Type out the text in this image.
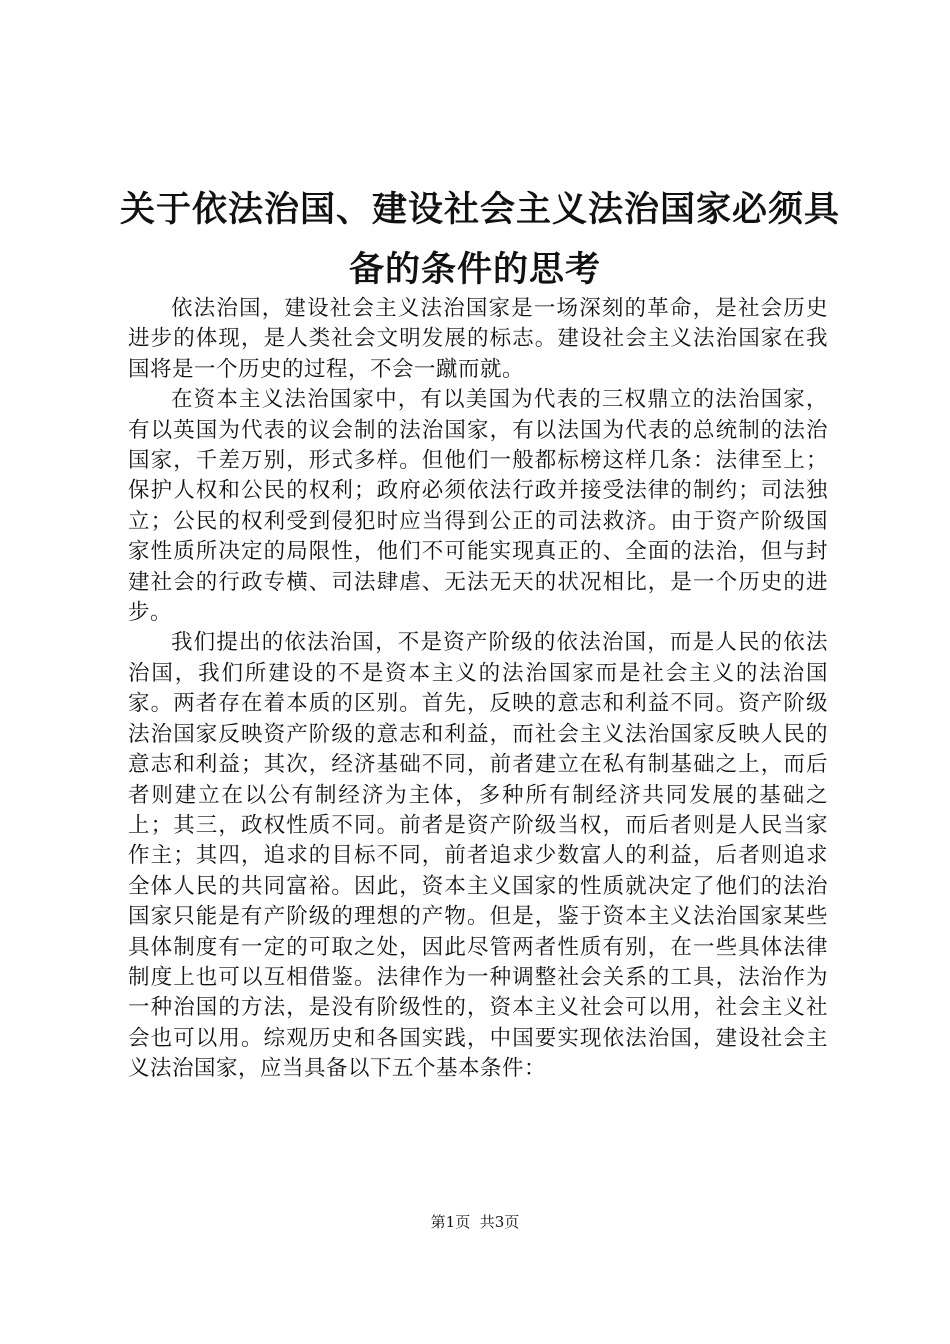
关于依法治国、建设社会主义法治国家必须具
备的条件的思考

依法治国，建设社会主义法治国家是一场深刻的革命，是社会历史进步的体现，是人类社会文明发展的标志。建设社会主义法治国家在我国将是一个历史的过程，不会一蹴而就。

在资本主义法治国家中，有以美国为代表的三权鼎立的法治国家，有以英国为代表的议会制的法治国家，有以法国为代表的总统制的法治国家，千差万别，形式多样。但他们一般都标榜这样几条：法律至上；保护人权和公民的权利；政府必须依法行政并接受法律的制约；司法独立；公民的权利受到侵犯时应当得到公正的司法救济。由于资产阶级国家性质所决定的局限性，他们不可能实现真正的、全面的法治，但与封建社会的行政专横、司法肆虐、无法无天的状况相比，是一个历史的进步。

我们提出的依法治国，不是资产阶级的依法治国，而是人民的依法治国，我们所建设的不是资本主义的法治国家而是社会主义的法治国家。两者存在着本质的区别。首先，反映的意志和利益不同。资产阶级法治国家反映资产阶级的意志和利益，而社会主义法治国家反映人民的意志和利益；其次，经济基础不同，前者建立在私有制基础之上，而后者则建立在以公有制经济为主体，多种所有制经济共同发展的基础之上；其三，政权性质不同。前者是资产阶级当权，而后者则是人民当家作主；其四，追求的目标不同，前者追求少数富人的利益，后者则追求全体人民的共同富裕。因此，资本主义国家的性质就决定了他们的法治国家只能是有产阶级的理想的产物。但是，鉴于资本主义法治国家某些具体制度有一定的可取之处，因此尽管两者性质有别，在一些具体法律制度上也可以互相借鉴。法律作为一种调整社会关系的工具，法治作为一种治国的方法，是没有阶级性的，资本主义社会可以用，社会主义社会也可以用。综观历史和各国实践，中国要实现依法治国，建设社会主义法治国家，应当具备以下五个基本条件：

第1页 共3页
